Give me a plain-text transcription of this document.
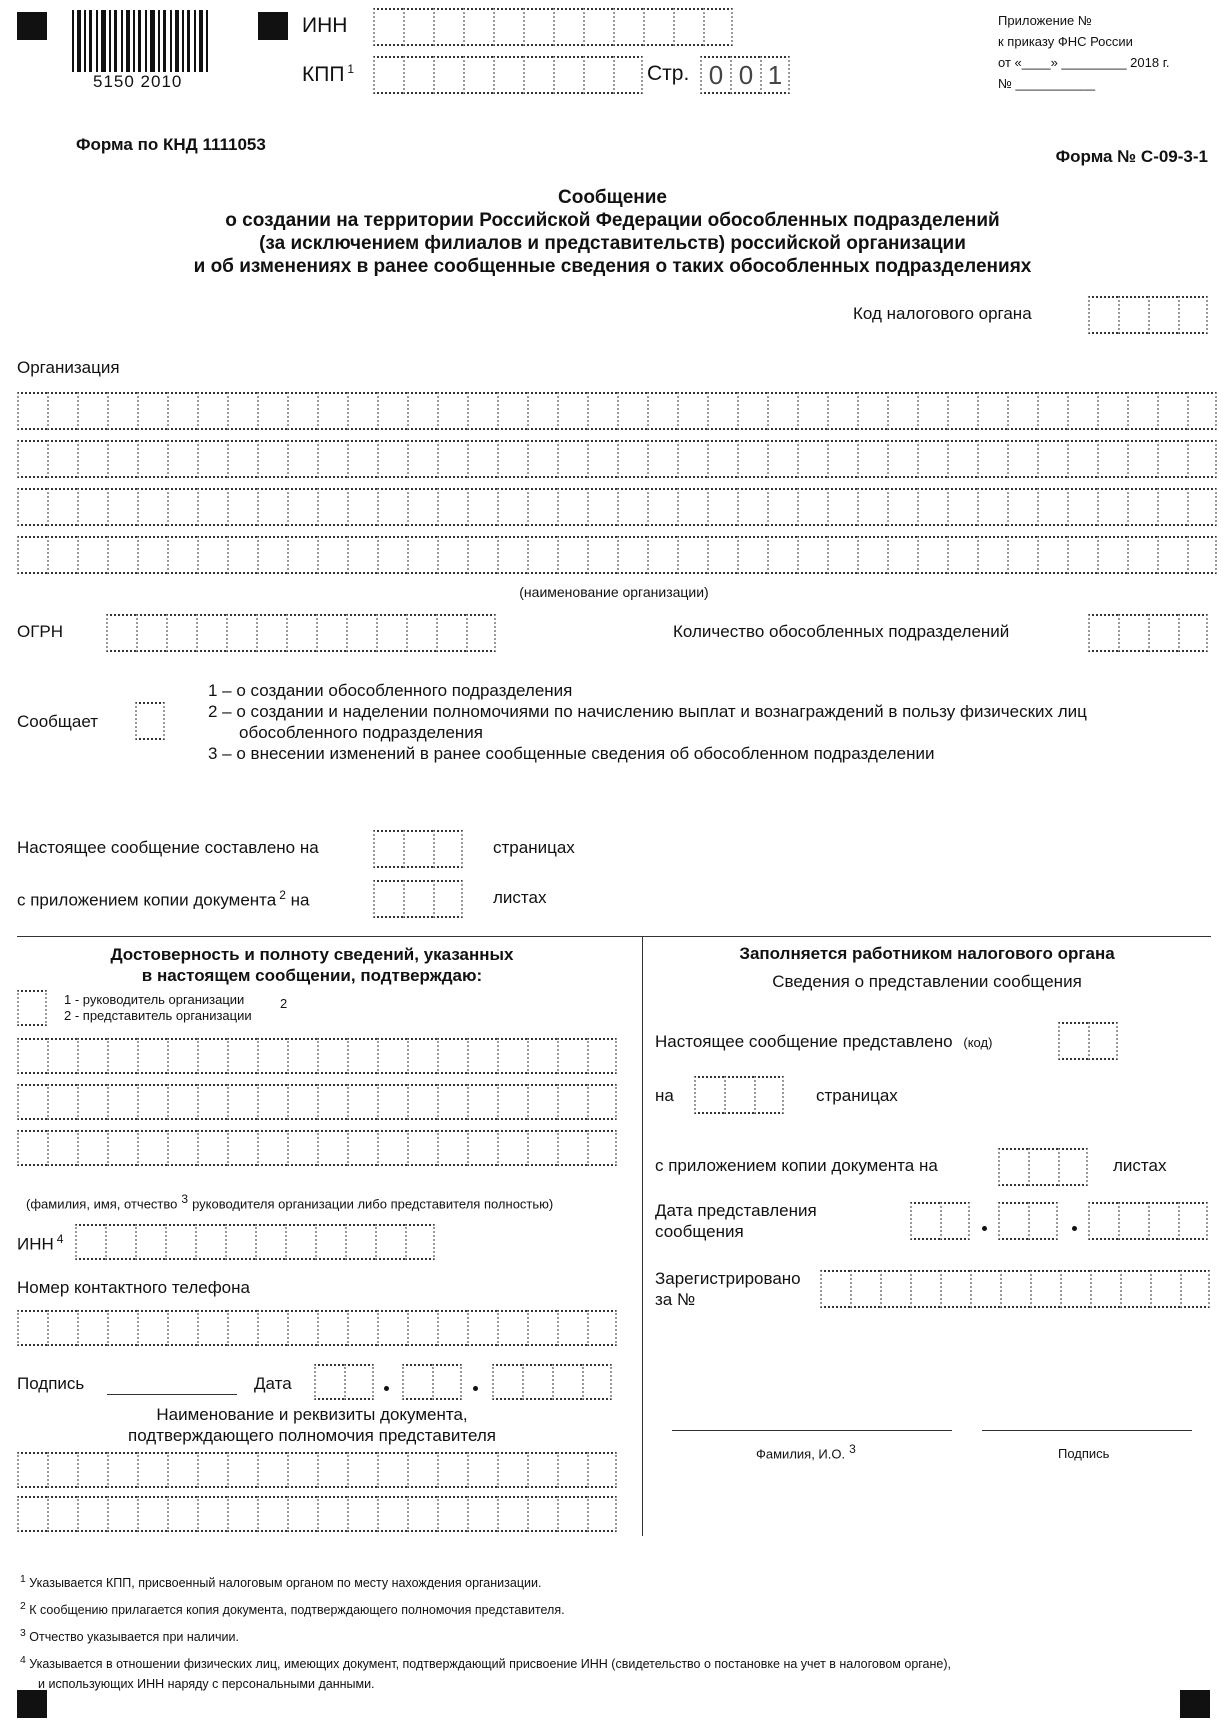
5150 2010
ИНН
КПП $^1$	Стр. 0 0 1
Приложение №
к приказу ФНС России
от «____» _________ 2018 г.
№ ___________
Форма по КНД 1111053
Форма № С-09-3-1
Сообщение
о создании на территории Российской Федерации обособленных подразделений
(за исключением филиалов и представительств) российской организации
и об изменениях в ранее сообщенные сведения о таких обособленных подразделениях
Код налогового органа
Организация
(наименование организации)
ОГРН	Количество обособленных подразделений
Сообщает
1 – о создании обособленного подразделения
2 – о создании и наделении полномочиями по начислению выплат и вознаграждений в пользу физических лиц
обособленного подразделения
3 – о внесении изменений в ранее сообщенные сведения об обособленном подразделении
Настоящее сообщение составлено на	страницах
с приложением копии документа $^2$ на	листах
Достоверность и полноту сведений, указанных
в настоящем сообщении, подтверждаю:
1 - руководитель организации
2 - представитель организации
2
(фамилия, имя, отчество 3 руководителя организации либо представителя полностью)
ИНН $^4$
Номер контактного телефона
Подпись	Дата
Наименование и реквизиты документа,
подтверждающего полномочия представителя
Заполняется работником налогового органа
Сведения о представлении сообщения
Настоящее сообщение представлено (код)
на	страницах
с приложением копии документа на	листах
Дата представления
сообщения
Зарегистрировано
за №
Фамилия, И.О. 3	Подпись
$^1$ Указывается КПП, присвоенный налоговым органом по месту нахождения организации.
$^2$ К сообщению прилагается копия документа, подтверждающего полномочия представителя.
$^3$ Отчество указывается при наличии.
$^4$ Указывается в отношении физических лиц, имеющих документ, подтверждающий присвоение ИНН (свидетельство о постановке на учет в налоговом органе),
и использующих ИНН наряду с персональными данными.
